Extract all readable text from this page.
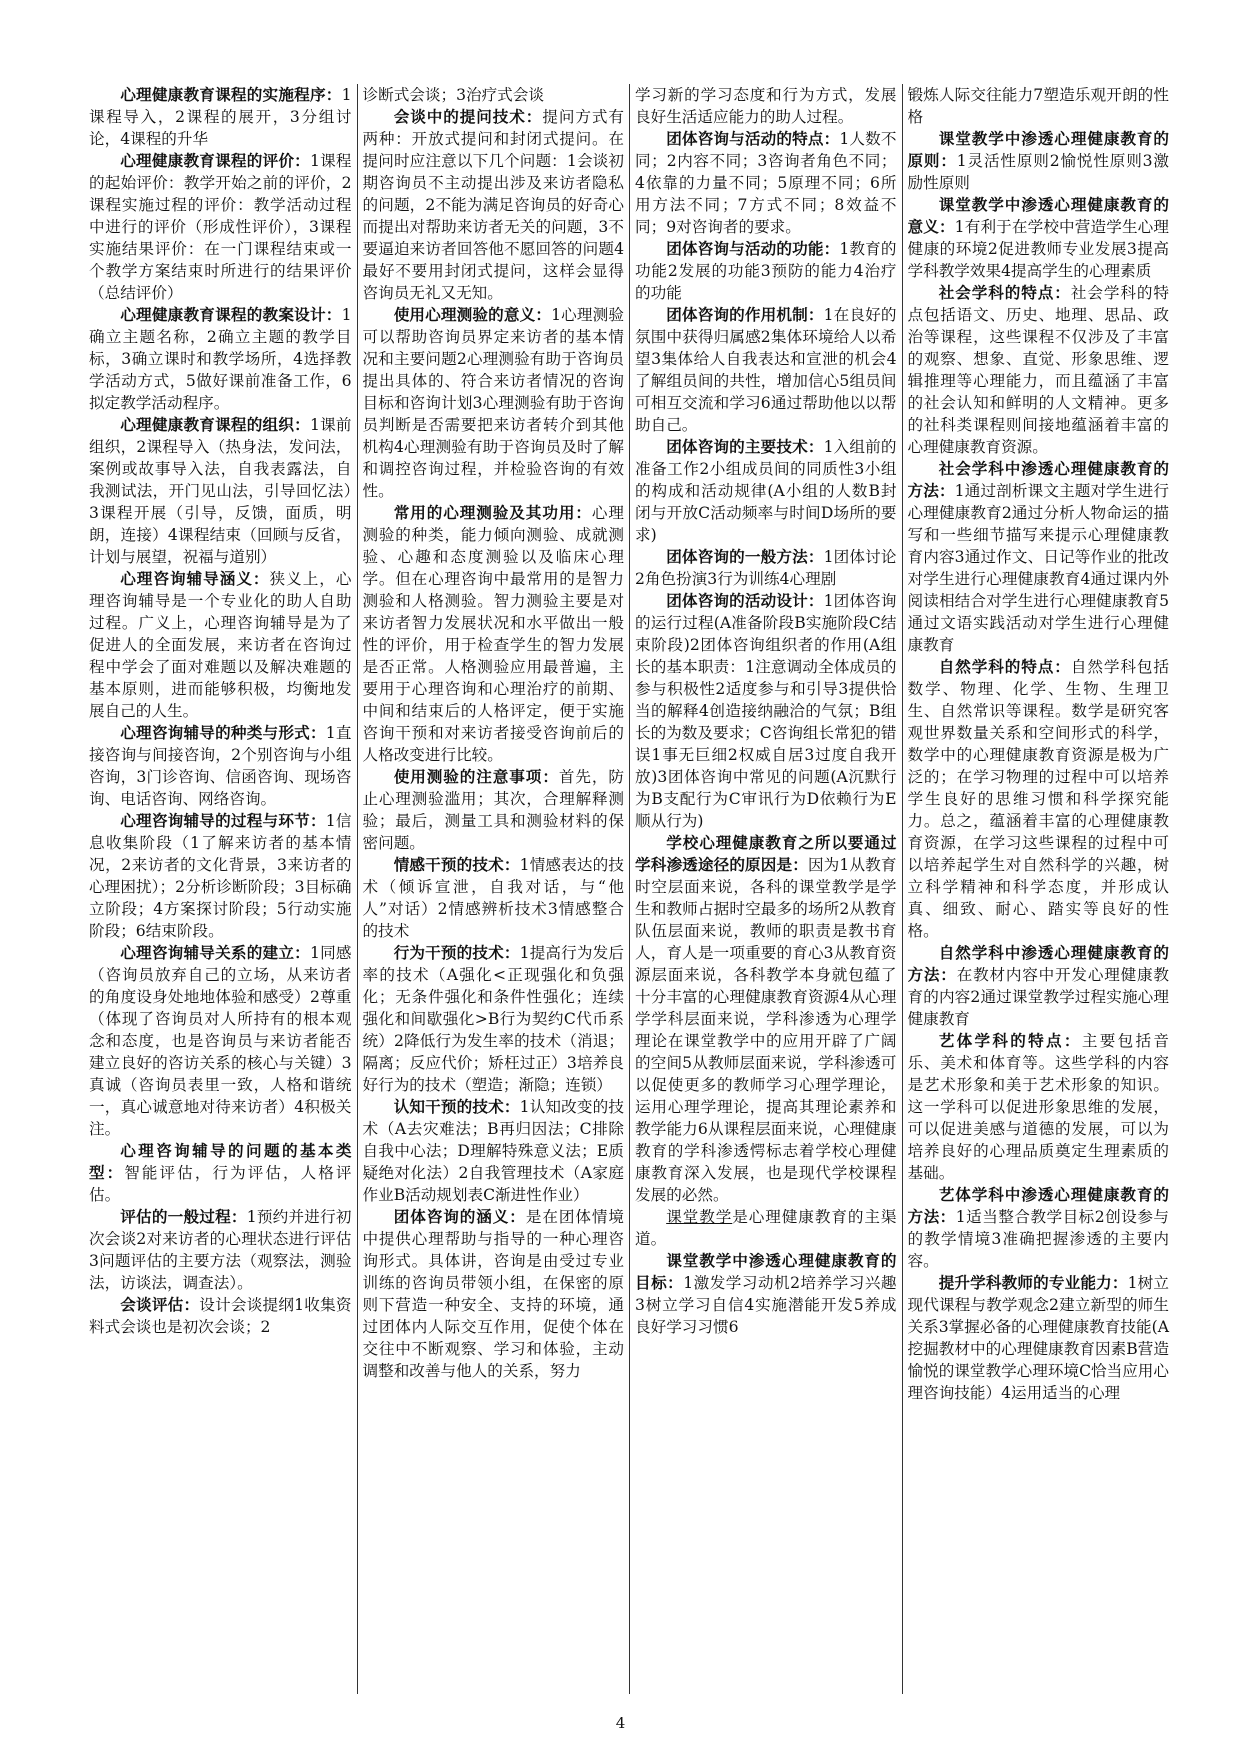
心理健康教育课程的实施程序：1课程导入，2课程的展开，3分组讨论，4课程的升华

心理健康教育课程的评价：1课程的起始评价：教学开始之前的评价，2课程实施过程的评价：教学活动过程中进行的评价（形成性评价），3课程实施结果评价：在一门课程结束或一个教学方案结束时所进行的结果评价（总结评价）

心理健康教育课程的教案设计：1确立主题名称，2确立主题的教学目标，3确立课时和教学场所，4选择教学活动方式，5做好课前准备工作，6拟定教学活动程序。

心理健康教育课程的组织：1课前组织，2课程导入（热身法，发问法，案例或故事导入法，自我表露法，自我测试法，开门见山法，引导回忆法）3课程开展（引导，反馈，面质，明朗，连接）4课程结束（回顾与反省，计划与展望，祝福与道别）

心理咨询辅导涵义：狭义上，心理咨询辅导是一个专业化的助人自助过程。广义上，心理咨询辅导是为了促进人的全面发展，来访者在咨询过程中学会了面对难题以及解决难题的基本原则，进而能够积极，均衡地发展自己的人生。

心理咨询辅导的种类与形式：1直接咨询与间接咨询，2个别咨询与小组咨询，3门诊咨询、信函咨询、现场咨询、电话咨询、网络咨询。

心理咨询辅导的过程与环节：1信息收集阶段（1了解来访者的基本情况，2来访者的文化背景，3来访者的心理困扰）；2分析诊断阶段；3目标确立阶段；4方案探讨阶段；5行动实施阶段；6结束阶段。

心理咨询辅导关系的建立：1同感（咨询员放弃自己的立场，从来访者的角度设身处地地体验和感受）2尊重（体现了咨询员对人所持有的根本观念和态度，也是咨询员与来访者能否建立良好的咨访关系的核心与关键）3真诚（咨询员表里一致，人格和谐统一，真心诚意地对待来访者）4积极关注。

心理咨询辅导的问题的基本类型：智能评估，行为评估，人格评估。

评估的一般过程：1预约并进行初次会谈2对来访者的心理状态进行评估3问题评估的主要方法（观察法，测验法，访谈法，调查法）。

会谈评估：设计会谈提纲1收集资料式会谈也是初次会谈；2

诊断式会谈；3治疗式会谈

会谈中的提问技术：提问方式有两种：开放式提问和封闭式提问。在提问时应注意以下几个问题：1会谈初期咨询员不主动提出涉及来访者隐私的问题，2不能为满足咨询员的好奇心而提出对帮助来访者无关的问题，3不要逼迫来访者回答他不愿回答的问题4最好不要用封闭式提问，这样会显得咨询员无礼又无知。

使用心理测验的意义：1心理测验可以帮助咨询员界定来访者的基本情况和主要问题2心理测验有助于咨询员提出具体的、符合来访者情况的咨询目标和咨询计划3心理测验有助于咨询员判断是否需要把来访者转介到其他机构4心理测验有助于咨询员及时了解和调控咨询过程，并检验咨询的有效性。

常用的心理测验及其功用：心理测验的种类，能力倾向测验、成就测验、心趣和态度测验以及临床心理学。但在心理咨询中最常用的是智力测验和人格测验。智力测验主要是对来访者智力发展状况和水平做出一般性的评价，用于检查学生的智力发展是否正常。人格测验应用最普遍，主要用于心理咨询和心理治疗的前期、中间和结束后的人格评定，便于实施咨询干预和对来访者接受咨询前后的人格改变进行比较。

使用测验的注意事项：首先，防止心理测验滥用；其次，合理解释测验；最后，测量工具和测验材料的保密问题。

情感干预的技术：1情感表达的技术（倾诉宣泄，自我对话，与“他人”对话）2情感辨析技术3情感整合的技术

行为干预的技术：1提高行为发后率的技术（A强化<正现强化和负强化；无条件强化和条件性强化；连续强化和间歇强化>B行为契约C代币系统）2降低行为发生率的技术（消退；隔离；反应代价；矫枉过正）3培养良好行为的技术（塑造；渐隐；连锁）

认知干预的技术：1认知改变的技术（A去灾难法；B再归因法；C排除自我中心法；D理解特殊意义法；E质疑绝对化法）2自我管理技术（A家庭作业B活动规划表C渐进性作业）

团体咨询的涵义：是在团体情境中提供心理帮助与指导的一种心理咨询形式。具体讲，咨询是由受过专业训练的咨询员带领小组，在保密的原则下营造一种安全、支持的环境，通过团体内人际交互作用，促使个体在交往中不断观察、学习和体验，主动调整和改善与他人的关系，努力

学习新的学习态度和行为方式，发展良好生活适应能力的助人过程。

团体咨询与活动的特点：1人数不同；2内容不同；3咨询者角色不同；4依靠的力量不同；5原理不同；6所用方法不同；7方式不同；8效益不同；9对咨询者的要求。

团体咨询与活动的功能：1教育的功能2发展的功能3预防的能力4治疗的功能

团体咨询的作用机制：1在良好的氛围中获得归属感2集体环境给人以希望3集体给人自我表达和宣泄的机会4了解组员间的共性，增加信心5组员间可相互交流和学习6通过帮助他以以帮助自己。

团体咨询的主要技术：1入组前的准备工作2小组成员间的同质性3小组的构成和活动规律(A小组的人数B封闭与开放C活动频率与时间D场所的要求)

团体咨询的一般方法：1团体讨论2角色扮演3行为训练4心理剧

团体咨询的活动设计：1团体咨询的运行过程(A准备阶段B实施阶段C结束阶段)2团体咨询组织者的作用(A组长的基本职责：1注意调动全体成员的参与积极性2适度参与和引导3提供恰当的解释4创造接纳融洽的气氛；B组长的为数及要求；C咨询组长常犯的错误1事无巨细2权威自居3过度自我开放)3团体咨询中常见的问题(A沉默行为B支配行为C审讯行为D依赖行为E顺从行为)

学校心理健康教育之所以要通过学科渗透途径的原因是：因为1从教育时空层面来说，各科的课堂教学是学生和教师占据时空最多的场所2从教育队伍层面来说，教师的职责是教书育人，育人是一项重要的育心3从教育资源层面来说，各科教学本身就包蕴了十分丰富的心理健康教育资源4从心理学学科层面来说，学科渗透为心理学理论在课堂教学中的应用开辟了广阔的空间5从教师层面来说，学科渗透可以促使更多的教师学习心理学理论，运用心理学理论，提高其理论素养和教学能力6从课程层面来说，心理健康教育的学科渗透愕标志着学校心理健康教育深入发展，也是现代学校课程发展的必然。

课堂教学是心理健康教育的主渠道。

课堂教学中渗透心理健康教育的目标：1激发学习动机2培养学习兴趣3树立学习自信4实施潜能开发5养成良好学习习惯6

锻炼人际交往能力7塑造乐观开朗的性格

课堂教学中渗透心理健康教育的原则：1灵活性原则2愉悦性原则3激励性原则

课堂教学中渗透心理健康教育的意义：1有利于在学校中营造学生心理健康的环境2促进教师专业发展3提高学科教学效果4提高学生的心理素质

社会学科的特点：社会学科的特点包括语文、历史、地理、思品、政治等课程，这些课程不仅涉及了丰富的观察、想象、直觉、形象思维、逻辑推理等心理能力，而且蕴涵了丰富的社会认知和鲜明的人文精神。更多的社科类课程则间接地蕴涵着丰富的心理健康教育资源。

社会学科中渗透心理健康教育的方法：1通过剖析课文主题对学生进行心理健康教育2通过分析人物命运的描写和一些细节描写来提示心理健康教育内容3通过作文、日记等作业的批改对学生进行心理健康教育4通过课内外阅读相结合对学生进行心理健康教育5通过文语实践活动对学生进行心理健康教育

自然学科的特点：自然学科包括数学、物理、化学、生物、生理卫生、自然常识等课程。数学是研究客观世界数量关系和空间形式的科学，数学中的心理健康教育资源是极为广泛的；在学习物理的过程中可以培养学生良好的思维习惯和科学探究能力。总之，蕴涵着丰富的心理健康教育资源，在学习这些课程的过程中可以培养起学生对自然科学的兴趣，树立科学精神和科学态度，并形成认真、细致、耐心、踏实等良好的性格。

自然学科中渗透心理健康教育的方法：在教材内容中开发心理健康教育的内容2通过课堂教学过程实施心理健康教育

艺体学科的特点：主要包括音乐、美术和体育等。这些学科的内容是艺术形象和美于艺术形象的知识。这一学科可以促进形象思维的发展，可以促进美感与道德的发展，可以为培养良好的心理品质奠定生理素质的基础。

艺体学科中渗透心理健康教育的方法：1适当整合教学目标2创设参与的教学情境3准确把握渗透的主要内容。

提升学科教师的专业能力：1树立现代课程与教学观念2建立新型的师生关系3掌握必备的心理健康教育技能(A挖掘教材中的心理健康教育因素B营造愉悦的课堂教学心理环境C恰当应用心理咨询技能）4运用适当的心理

4
